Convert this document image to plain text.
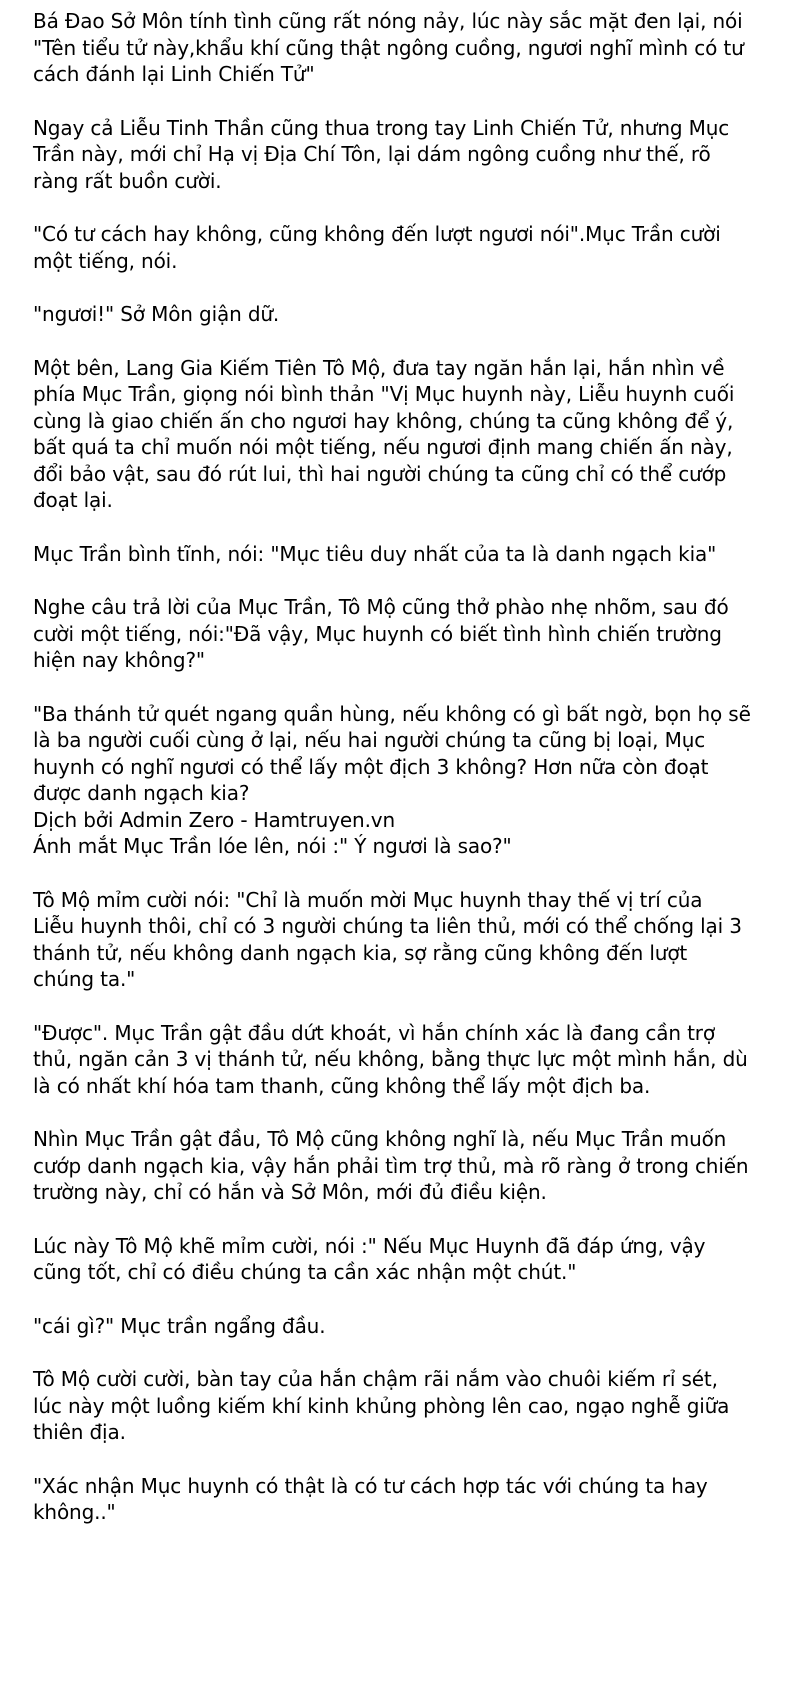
Bá Đao Sở Môn tính tình cũng rất nóng nảy, lúc này sắc mặt đen lại, nói
"Tên tiểu tử này,khẩu khí cũng thật ngông cuồng, ngươi nghĩ mình có tư
cách đánh lại Linh Chiến Tử"

Ngay cả Liễu Tinh Thần cũng thua trong tay Linh Chiến Tử, nhưng Mục
Trần này, mới chỉ Hạ vị Địa Chí Tôn, lại dám ngông cuồng như thế, rõ
ràng rất buồn cười.

"Có tư cách hay không, cũng không đến lượt ngươi nói".Mục Trần cười
một tiếng, nói.

"ngươi!" Sở Môn giận dữ.

Một bên, Lang Gia Kiếm Tiên Tô Mộ, đưa tay ngăn hắn lại, hắn nhìn về
phía Mục Trần, giọng nói bình thản "Vị Mục huynh này, Liễu huynh cuối
cùng là giao chiến ấn cho ngươi hay không, chúng ta cũng không để ý,
bất quá ta chỉ muốn nói một tiếng, nếu ngươi định mang chiến ấn này,
đổi bảo vật, sau đó rút lui, thì hai người chúng ta cũng chỉ có thể cướp
đoạt lại.

Mục Trần bình tĩnh, nói: "Mục tiêu duy nhất của ta là danh ngạch kia"

Nghe câu trả lời của Mục Trần, Tô Mộ cũng thở phào nhẹ nhõm, sau đó
cười một tiếng, nói:"Đã vậy, Mục huynh có biết tình hình chiến trường
hiện nay không?"

"Ba thánh tử quét ngang quần hùng, nếu không có gì bất ngờ, bọn họ sẽ
là ba người cuối cùng ở lại, nếu hai người chúng ta cũng bị loại, Mục
huynh có nghĩ ngươi có thể lấy một địch 3 không? Hơn nữa còn đoạt
được danh ngạch kia?
Dịch bởi Admin Zero - Hamtruyen.vn
Ánh mắt Mục Trần lóe lên, nói :" Ý ngươi là sao?"

Tô Mộ mỉm cười nói: "Chỉ là muốn mời Mục huynh thay thế vị trí của
Liễu huynh thôi, chỉ có 3 người chúng ta liên thủ, mới có thể chống lại 3
thánh tử, nếu không danh ngạch kia, sợ rằng cũng không đến lượt
chúng ta."

"Được". Mục Trần gật đầu dứt khoát, vì hắn chính xác là đang cần trợ
thủ, ngăn cản 3 vị thánh tử, nếu không, bằng thực lực một mình hắn, dù
là có nhất khí hóa tam thanh, cũng không thể lấy một địch ba.

Nhìn Mục Trần gật đầu, Tô Mộ cũng không nghĩ là, nếu Mục Trần muốn
cướp danh ngạch kia, vậy hắn phải tìm trợ thủ, mà rõ ràng ở trong chiến
trường này, chỉ có hắn và Sở Môn, mới đủ điều kiện.

Lúc này Tô Mộ khẽ mỉm cười, nói :" Nếu Mục Huynh đã đáp ứng, vậy
cũng tốt, chỉ có điều chúng ta cần xác nhận một chút."

"cái gì?" Mục trần ngẩng đầu.

Tô Mộ cười cười, bàn tay của hắn chậm rãi nắm vào chuôi kiếm rỉ sét,
lúc này một luồng kiếm khí kinh khủng phòng lên cao, ngạo nghễ giữa
thiên địa.

"Xác nhận Mục huynh có thật là có tư cách hợp tác với chúng ta hay
không.."
